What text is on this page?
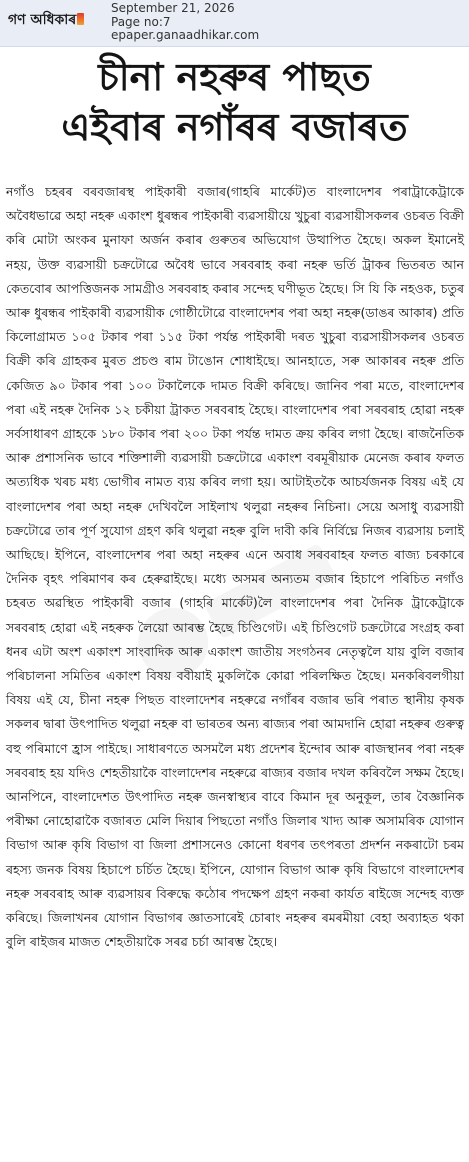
গণ অধিকাৰ
September 21, 2026
Page no:7
epaper.ganaadhikar.com
চীনা নহৰুৰ পাছত
এইবাৰ নগাঁৰৰ বজাৰত

নগাঁও চহৰৰ বৰবজাৰস্থ পাইকাৰী বজাৰ(গাহৰি মাৰ্কেট)ত বাংলাদেশৰ পৰাট্ৰাকেট্ৰাকে অবৈধভাৱে অহা নহৰু একাংশ ধুৰন্ধৰ পাইকাৰী ব্যৱসায়ীয়ে খুচুৰা ব্যৱসায়ীসকলৰ ওচৰত বিক্ৰী কৰি মোটা অংকৰ মুনাফা অৰ্জন কৰাৰ গুৰুতৰ অভিযোগ উত্থাপিত হৈছে। অকল ইমানেই নহয়, উক্ত ব্যৱসায়ী চক্ৰটোৱে অবৈধ ভাবে সৰবৰাহ কৰা নহৰু ভৰ্তি ট্ৰাকৰ ভিতৰত আন কেতবোৰ আপত্তিজনক সামগ্ৰীও সৰবৰাহ কৰাৰ সন্দেহ ঘণীভূত হৈছে। সি যি কি নহওক, চতুৰ আৰু ধুৰন্ধৰ পাইকাৰী ব্যৱসায়ীক গোষ্ঠীটোৱে বাংলাদেশৰ পৰা অহা নহৰু(ডাঙৰ আকাৰ) প্ৰতি কিলোগ্ৰামত ১০৫ টকাৰ পৰা ১১৫ টকা পৰ্যন্ত পাইকাৰী দৰত খুচুৰা ব্যৱসায়ীসকলৰ ওচৰত বিক্ৰী কৰি গ্ৰাহকৰ মুৰত প্ৰচণ্ড ৰাম টাঙোন শোধাইছে। আনহাতে, সৰু আকাৰৰ নহৰু প্ৰতি কেজিত ৯০ টকাৰ পৰা ১০০ টকালৈকে দামত বিক্ৰী কৰিছে। জানিব পৰা মতে, বাংলাদেশৰ পৰা এই নহৰু দৈনিক ১২ চকীয়া ট্ৰাকত সৰবৰাহ হৈছে। বাংলাদেশৰ পৰা সৰবৰাহ হোৱা নহৰু সৰ্বসাধাৰণ গ্ৰাহকে ১৮০ টকাৰ পৰা ২০০ টকা পৰ্যন্ত দামত ক্ৰয় কৰিব লগা হৈছে। ৰাজনৈতিক আৰু প্ৰশাসনিক ভাবে শক্তিশালী ব্যৱসায়ী চক্ৰটোৱে একাংশ বৰমূৰীয়াক মেনেজ কৰাৰ ফলত অত্যধিক খৰচ মধ্য ভোগীৰ নামত ব্যয় কৰিব লগা হয়। আটাইতকৈ আচৰ্যজনক বিষয় এই যে বাংলাদেশৰ পৰা অহা নহৰু দেখিবলৈ সাইলাখ থলুৱা নহৰুৰ নিচিনা। সেয়ে অসাধু ব্যৱসায়ী চক্ৰটোৱে তাৰ পূৰ্ণ সুযোগ গ্ৰহণ কৰি থলুৱা নহৰু বুলি দাবী কৰি নিৰ্বিঘ্নে নিজৰ ব্যৱসায় চলাই আছিছে। ইপিনে, বাংলাদেশৰ পৰা অহা নহৰুৰ এনে অবাধ সৰবৰাহৰ ফলত ৰাজ্য চৰকাৰে দৈনিক বৃহৎ পৰিমাণৰ কৰ হেৰুৱাইছে। মধ্যে অসমৰ অন্যতম বজাৰ হিচাপে পৰিচিত নগাঁও চহৰত অৱস্থিত পাইকাৰী বজাৰ (গাহৰি মাৰ্কেট)লৈ বাংলাদেশৰ পৰা দৈনিক ট্ৰাকেট্ৰাকে সৰবৰাহ হোৱা এই নহৰুক লৈয়ো আৰম্ভ হৈছে চিণ্ডিগেট। এই চিণ্ডিগেট চক্ৰটোৱে সংগ্ৰহ কৰা ধনৰ এটা অংশ একাংশ সাংবাদিক আৰু একাংশ জাতীয় সংগঠনৰ নেতৃত্বলৈ যায় বুলি বজাৰ পৰিচালনা সমিতিৰ একাংশ বিষয় ববীয়াই মুকলিকৈ কোৱা পৰিলক্ষিত হৈছে। মনকৰিবলগীয়া বিষয় এই যে, চীনা নহৰু পিছত বাংলাদেশৰ নহৰুৱে নগাঁৰৰ বজাৰ ভৰি পৰাত স্থানীয় কৃষক সকলৰ দ্বাৰা উৎপাদিত থলুৱা নহৰু বা ভাৰতৰ অন্য ৰাজ্যৰ পৰা আমদানি হোৱা নহৰুৰ গুৰুত্ব বহু পৰিমাণে হ্ৰাস পাইছে। সাধাৰণতে অসমলৈ মধ্য প্ৰদেশৰ ইন্দোৰ আৰু ৰাজস্থানৰ পৰা নহৰু সৰবৰাহ হয় যদিও শেহতীয়াকৈ বাংলাদেশৰ নহৰুৱে ৰাজ্যৰ বজাৰ দখল কৰিবলৈ সক্ষম হৈছে। আনপিনে, বাংলাদেশত উৎপাদিত নহৰু জনস্বাস্থ্যৰ বাবে কিমান দূৰ অনুকূল, তাৰ বৈজ্ঞানিক পৰীক্ষা নোহোৱাকৈ বজাৰত মেলি দিয়াৰ পিছতো নগাঁও জিলাৰ খাদ্য আৰু অসামৰিক যোগান বিভাগ আৰু কৃষি বিভাগ বা জিলা প্ৰশাসনেও কোনো ধৰণৰ তৎপৰতা প্ৰদৰ্শন নকৰাটো চৰম ৰহস্য জনক বিষয় হিচাপে চৰ্চিত হৈছে। ইপিনে, যোগান বিভাগ আৰু কৃষি বিভাগে বাংলাদেশৰ নহৰু সৰবৰাহ আৰু ব্যৱসায়ৰ বিৰুদ্ধে কঠোৰ পদক্ষেপ গ্ৰহণ নকৰা কাৰ্যত ৰাইজে সন্দেহ ব্যক্ত কৰিছে। জিলাখনৰ যোগান বিভাগৰ জ্ঞাতসাৰেই চোৰাং নহৰুৰ ৰমৰমীয়া বেহা অব্যাহত থকা বুলি ৰাইজৰ মাজত শেহতীয়াকৈ সৰৱ চৰ্চা আৰম্ভ হৈছে।
